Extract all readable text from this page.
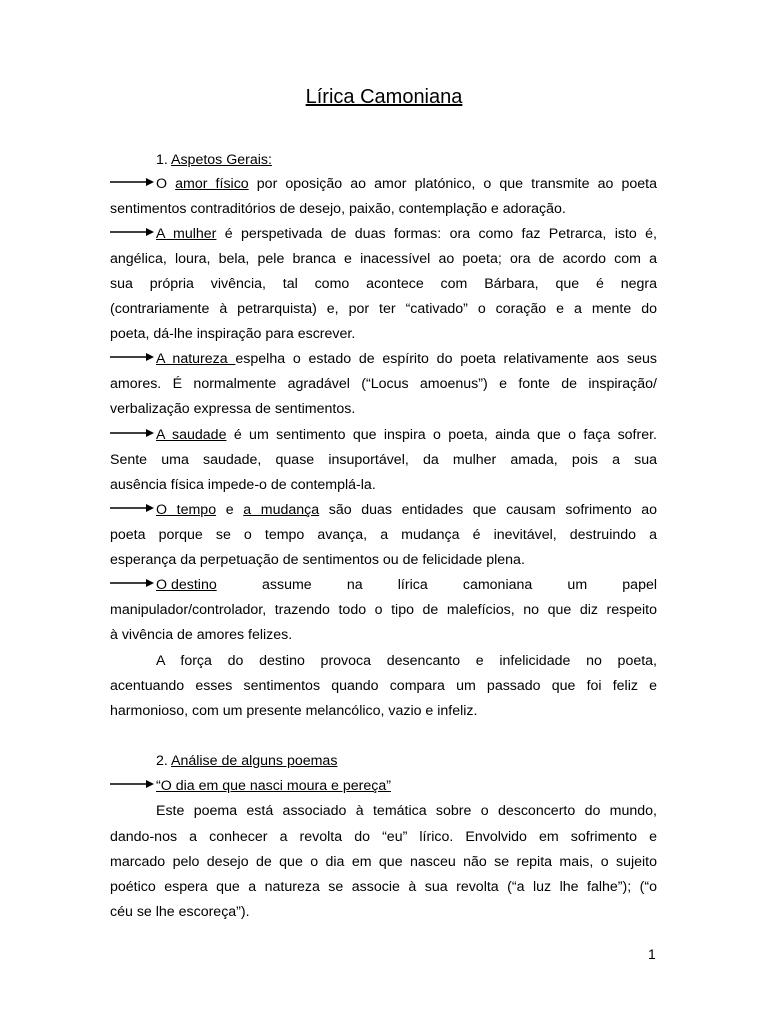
Lírica Camoniana
1. Aspetos Gerais:
O amor físico por oposição ao amor platónico, o que transmite ao poeta
sentimentos contraditórios de desejo, paixão, contemplação e adoração.
A mulher é perspetivada de duas formas: ora como faz Petrarca, isto é,
angélica, loura, bela, pele branca e inacessível ao poeta; ora de acordo com a
sua própria vivência, tal como acontece com Bárbara, que é negra
(contrariamente à petrarquista) e, por ter “cativado” o coração e a mente do
poeta, dá-lhe inspiração para escrever.
A natureza espelha o estado de espírito do poeta relativamente aos seus
amores. É normalmente agradável (“Locus amoenus”) e fonte de inspiração/
verbalização expressa de sentimentos.
A saudade é um sentimento que inspira o poeta, ainda que o faça sofrer.
Sente uma saudade, quase insuportável, da mulher amada, pois a sua
ausência física impede-o de contemplá-la.
O tempo e a mudança são duas entidades que causam sofrimento ao
poeta porque se o tempo avança, a mudança é inevitável, destruindo a
esperança da perpetuação de sentimentos ou de felicidade plena.
O destino	assume na lírica camoniana um papel
manipulador/controlador, trazendo todo o tipo de malefícios, no que diz respeito
à vivência de amores felizes.
A força do destino provoca desencanto e infelicidade no poeta,
acentuando esses sentimentos quando compara um passado que foi feliz e
harmonioso, com um presente melancólico, vazio e infeliz.
2. Análise de alguns poemas
“O dia em que nasci moura e pereça”
Este poema está associado à temática sobre o desconcerto do mundo,
dando-nos a conhecer a revolta do “eu” lírico. Envolvido em sofrimento e
marcado pelo desejo de que o dia em que nasceu não se repita mais, o sujeito
poético espera que a natureza se associe à sua revolta (“a luz lhe falhe”); (“o
céu se lhe escoreça”).
1
